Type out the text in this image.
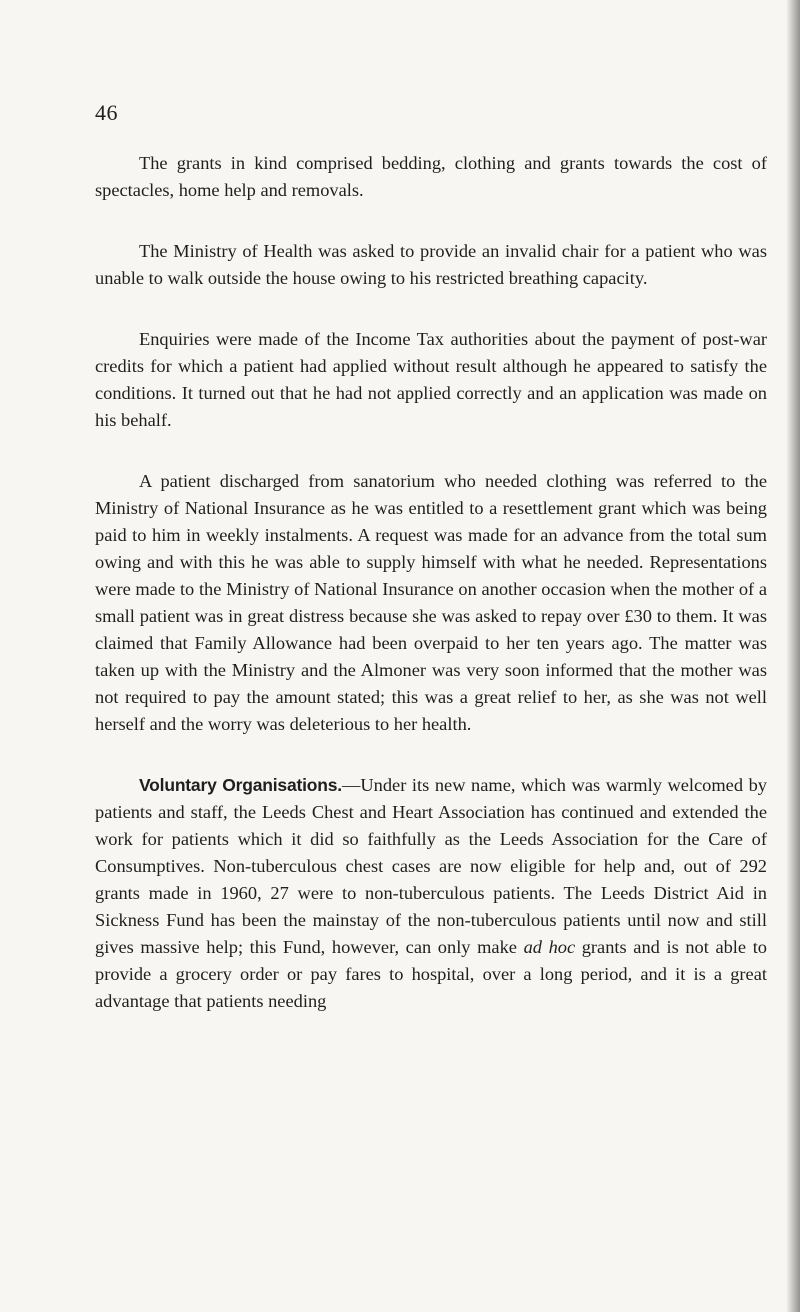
46

The grants in kind comprised bedding, clothing and grants towards the cost of spectacles, home help and removals.

The Ministry of Health was asked to provide an invalid chair for a patient who was unable to walk outside the house owing to his restricted breathing capacity.

Enquiries were made of the Income Tax authorities about the payment of post-war credits for which a patient had applied without result although he appeared to satisfy the conditions. It turned out that he had not applied correctly and an application was made on his behalf.

A patient discharged from sanatorium who needed clothing was referred to the Ministry of National Insurance as he was entitled to a resettlement grant which was being paid to him in weekly instalments. A request was made for an advance from the total sum owing and with this he was able to supply himself with what he needed. Representations were made to the Ministry of National Insurance on another occasion when the mother of a small patient was in great distress because she was asked to repay over £30 to them. It was claimed that Family Allowance had been overpaid to her ten years ago. The matter was taken up with the Ministry and the Almoner was very soon informed that the mother was not required to pay the amount stated; this was a great relief to her, as she was not well herself and the worry was deleterious to her health.

Voluntary Organisations.—Under its new name, which was warmly welcomed by patients and staff, the Leeds Chest and Heart Association has continued and extended the work for patients which it did so faithfully as the Leeds Association for the Care of Consumptives. Non-tuberculous chest cases are now eligible for help and, out of 292 grants made in 1960, 27 were to non-tuberculous patients. The Leeds District Aid in Sickness Fund has been the mainstay of the non-tuberculous patients until now and still gives massive help; this Fund, however, can only make ad hoc grants and is not able to provide a grocery order or pay fares to hospital, over a long period, and it is a great advantage that patients needing
